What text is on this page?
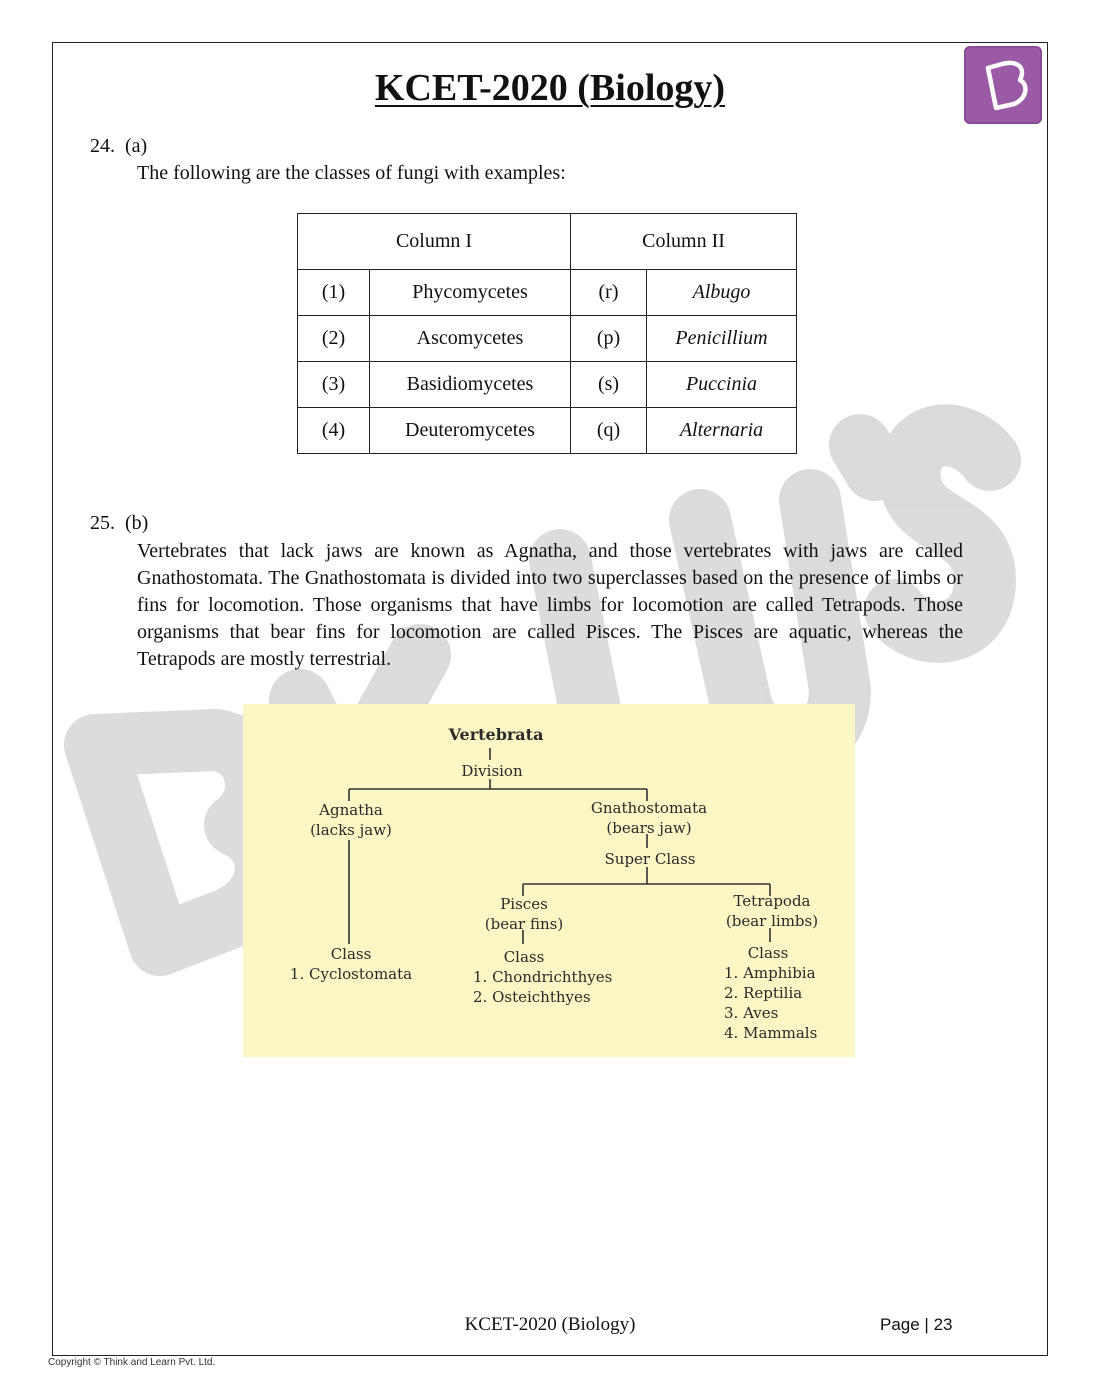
KCET-2020 (Biology)
24. (a)
The following are the classes of fungi with examples:
Column I		Column II	
(1)	Phycomycetes	(r)	Albugo
(2)	Ascomycetes	(p)	Penicillium
(3)	Basidiomycetes	(s)	Puccinia
(4)	Deuteromycetes	(q)	Alternaria
25. (b)
Vertebrates that lack jaws are known as Agnatha, and those vertebrates with jaws are called Gnathostomata. The Gnathostomata is divided into two superclasses based on the presence of limbs or fins for locomotion. Those organisms that have limbs for locomotion are called Tetrapods. Those organisms that bear fins for locomotion are called Pisces. The Pisces are aquatic, whereas the Tetrapods are mostly terrestrial.
Vertebrata
Division
Agnatha
(lacks jaw)
Class
1. Cyclostomata
Gnathostomata
(bears jaw)
Super Class
Pisces
(bear fins)
Class
1. Chondrichthyes
2. Osteichthyes
Tetrapoda
(bear limbs)
Class
1. Amphibia
2. Reptilia
3. Aves
4. Mammals
KCET-2020 (Biology)	Page | 23
Copyright © Think and Learn Pvt. Ltd.
